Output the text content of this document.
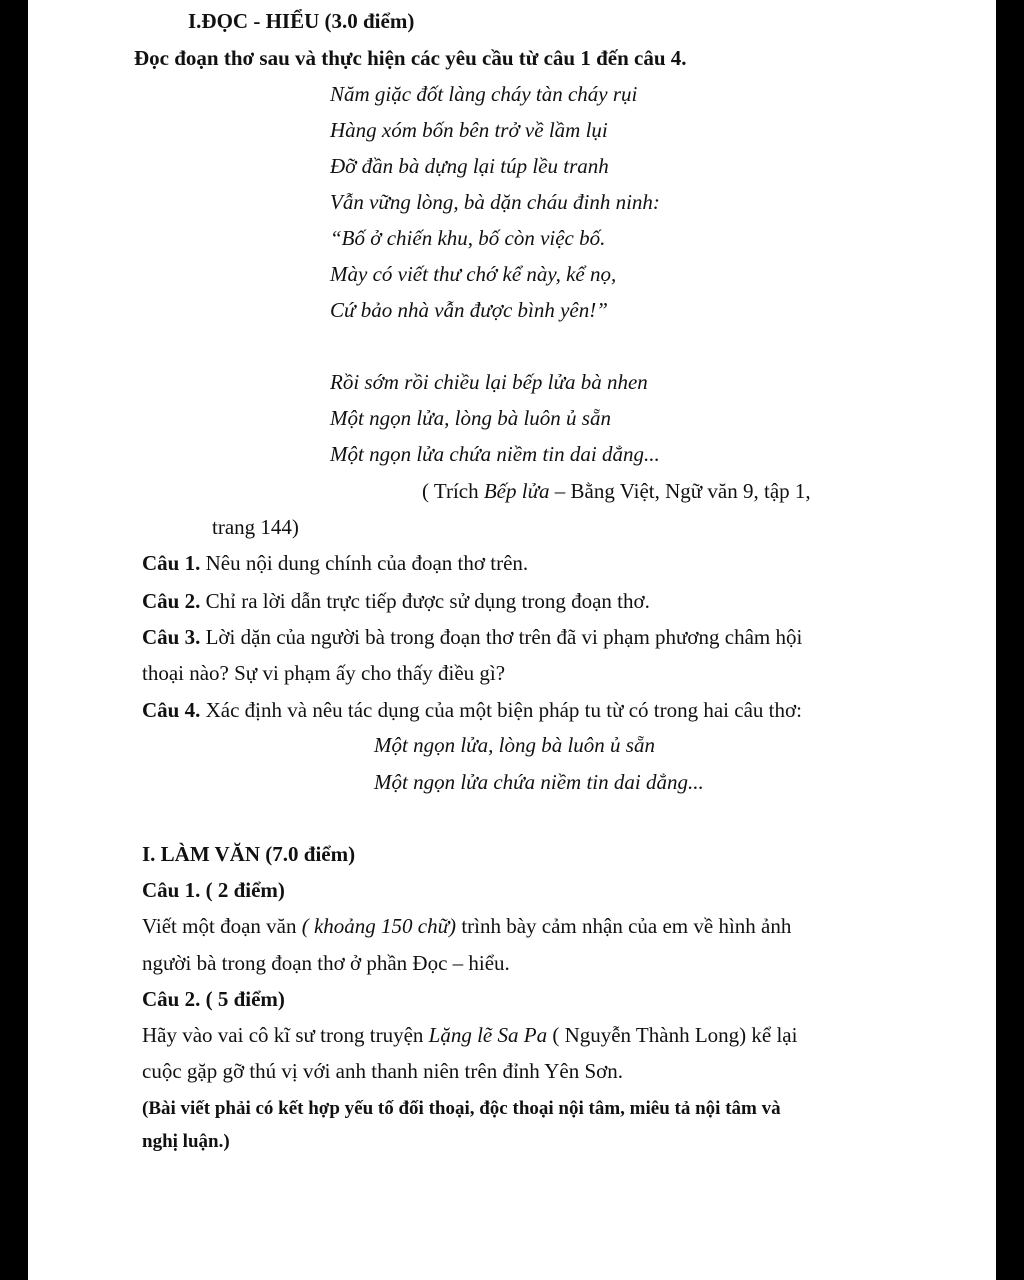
I.ĐỌC - HIỂU (3.0 điểm)
Đọc đoạn thơ sau và thực hiện các yêu cầu từ câu 1 đến câu 4.
Năm giặc đốt làng cháy tàn cháy rụi
Hàng xóm bốn bên trở về lầm lụi
Đỡ đần bà dựng lại túp lều tranh
Vẫn vững lòng, bà dặn cháu đinh ninh:
“Bố ở chiến khu, bố còn việc bố.
Mày có viết thư chớ kể này, kể nọ,
Cứ bảo nhà vẫn được bình yên!”
Rồi sớm rồi chiều lại bếp lửa bà nhen
Một ngọn lửa, lòng bà luôn ủ sẵn
Một ngọn lửa chứa niềm tin dai dẳng...
( Trích Bếp lửa – Bằng Việt, Ngữ văn 9, tập 1,
trang 144)
Câu 1. Nêu nội dung chính của đoạn thơ trên.
Câu 2. Chỉ ra lời dẫn trực tiếp được sử dụng trong đoạn thơ.
Câu 3. Lời dặn của người bà trong đoạn thơ trên đã vi phạm phương châm hội
thoại nào? Sự vi phạm ấy cho thấy điều gì?
Câu 4. Xác định và nêu tác dụng của một biện pháp tu từ có trong hai câu thơ:
Một ngọn lửa, lòng bà luôn ủ sẵn
Một ngọn lửa chứa niềm tin dai dẳng...
I. LÀM VĂN (7.0 điểm)
Câu 1. ( 2 điểm)
Viết một đoạn văn ( khoảng 150 chữ) trình bày cảm nhận của em về hình ảnh
người bà trong đoạn thơ ở phần Đọc – hiểu.
Câu 2. ( 5 điểm)
Hãy vào vai cô kĩ sư trong truyện Lặng lẽ Sa Pa ( Nguyễn Thành Long) kể lại
cuộc gặp gỡ thú vị với anh thanh niên trên đỉnh Yên Sơn.
(Bài viết phải có kết hợp yếu tố đối thoại, độc thoại nội tâm, miêu tả nội tâm và
nghị luận.)
